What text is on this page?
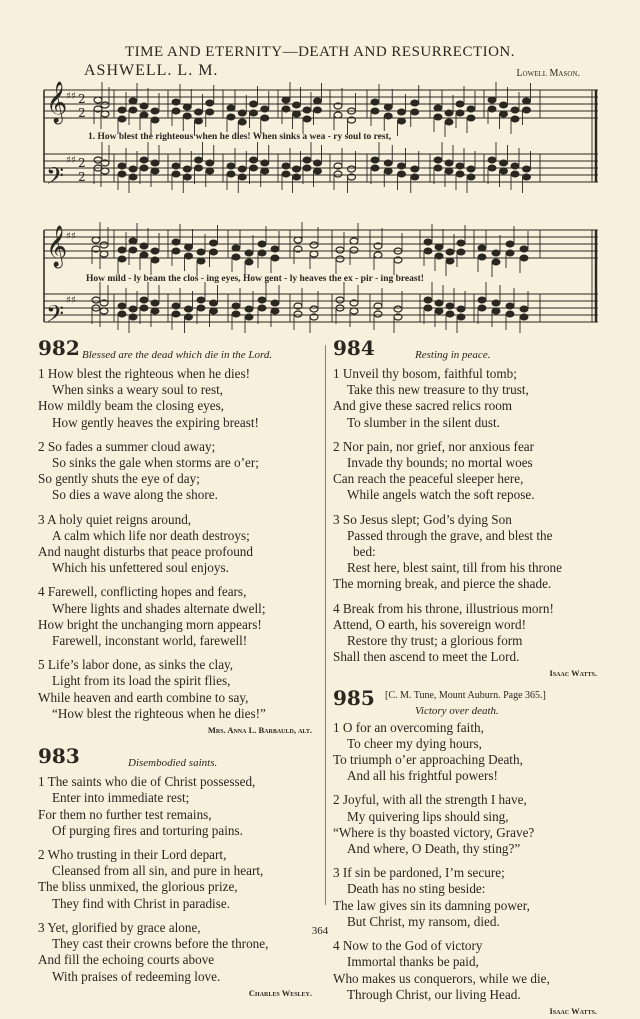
TIME AND ETERNITY—DEATH AND RESURRECTION.
ASHWELL. L. M.	Lowell Mason.
♯♯ 2
2
♯♯ 2
2
♯♯
♯♯
𝄞
𝄢
𝄞
𝄢
1. How blest the righteous when he dies! When sinks a wea - ry soul to rest,
How mild - ly beam the clos - ing eyes, How gent - ly heaves the ex - pir - ing breast!
982 Blessed are the dead which die in the Lord.
1 How blest the righteous when he dies!
When sinks a weary soul to rest,
How mildly beam the closing eyes,
How gently heaves the expiring breast!
2 So fades a summer cloud away;
So sinks the gale when storms are o’er;
So gently shuts the eye of day;
So dies a wave along the shore.
3 A holy quiet reigns around,
A calm which life nor death destroys;
And naught disturbs that peace profound
Which his unfettered soul enjoys.
4 Farewell, conflicting hopes and fears,
Where lights and shades alternate dwell;
How bright the unchanging morn appears!
Farewell, inconstant world, farewell!
5 Life’s labor done, as sinks the clay,
Light from its load the spirit flies,
While heaven and earth combine to say,
“How blest the righteous when he dies!”
Mrs. Anna L. Barbauld, alt.
983	Disembodied saints.
1 The saints who die of Christ possessed,
Enter into immediate rest;
For them no further test remains,
Of purging fires and torturing pains.
2 Who trusting in their Lord depart,
Cleansed from all sin, and pure in heart,
The bliss unmixed, the glorious prize,
They find with Christ in paradise.
3 Yet, glorified by grace alone,
They cast their crowns before the throne,
And fill the echoing courts above
With praises of redeeming love.
Charles Wesley.
984	Resting in peace.
1 Unveil thy bosom, faithful tomb;
Take this new treasure to thy trust,
And give these sacred relics room
To slumber in the silent dust.
2 Nor pain, nor grief, nor anxious fear
Invade thy bounds; no mortal woes
Can reach the peaceful sleeper here,
While angels watch the soft repose.
3 So Jesus slept; God’s dying Son
Passed through the grave, and blest the
bed:
Rest here, blest saint, till from his throne
The morning break, and pierce the shade.
4 Break from his throne, illustrious morn!
Attend, O earth, his sovereign word!
Restore thy trust; a glorious form
Shall then ascend to meet the Lord.
Isaac Watts.
985 [C. M. Tune, Mount Auburn. Page 365.]
Victory over death.
1 O for an overcoming faith,
To cheer my dying hours,
To triumph o’er approaching Death,
And all his frightful powers!
2 Joyful, with all the strength I have,
My quivering lips should sing,
“Where is thy boasted victory, Grave?
And where, O Death, thy sting?”
3 If sin be pardoned, I’m secure;
Death has no sting beside:
The law gives sin its damning power,
But Christ, my ransom, died.
4 Now to the God of victory
Immortal thanks be paid,
Who makes us conquerors, while we die,
Through Christ, our living Head.
Isaac Watts.
364
